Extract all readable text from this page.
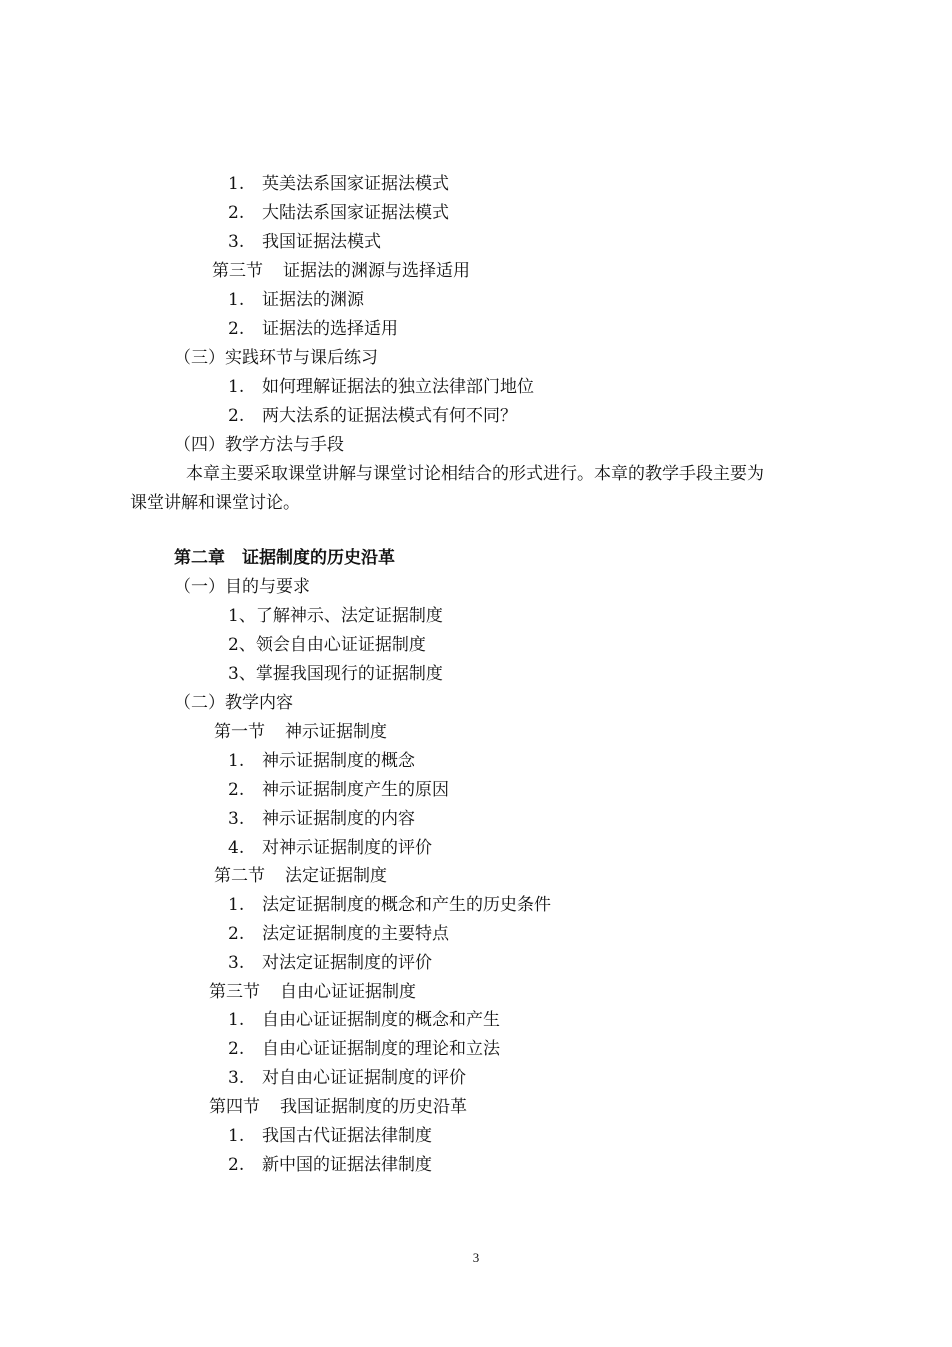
1. 英美法系国家证据法模式
2. 大陆法系国家证据法模式
3. 我国证据法模式
第三节 证据法的渊源与选择适用
1. 证据法的渊源
2. 证据法的选择适用
（三）实践环节与课后练习
1. 如何理解证据法的独立法律部门地位
2. 两大法系的证据法模式有何不同？
（四）教学方法与手段
本章主要采取课堂讲解与课堂讨论相结合的形式进行。本章的教学手段主要为
课堂讲解和课堂讨论。
第二章　证据制度的历史沿革
（一）目的与要求
1、了解神示、法定证据制度
2、领会自由心证证据制度
3、掌握我国现行的证据制度
（二）教学内容
第一节 神示证据制度
1. 神示证据制度的概念
2. 神示证据制度产生的原因
3. 神示证据制度的内容
4. 对神示证据制度的评价
第二节 法定证据制度
1. 法定证据制度的概念和产生的历史条件
2. 法定证据制度的主要特点
3. 对法定证据制度的评价
第三节 自由心证证据制度
1. 自由心证证据制度的概念和产生
2. 自由心证证据制度的理论和立法
3. 对自由心证证据制度的评价
第四节 我国证据制度的历史沿革
1. 我国古代证据法律制度
2. 新中国的证据法律制度
3
